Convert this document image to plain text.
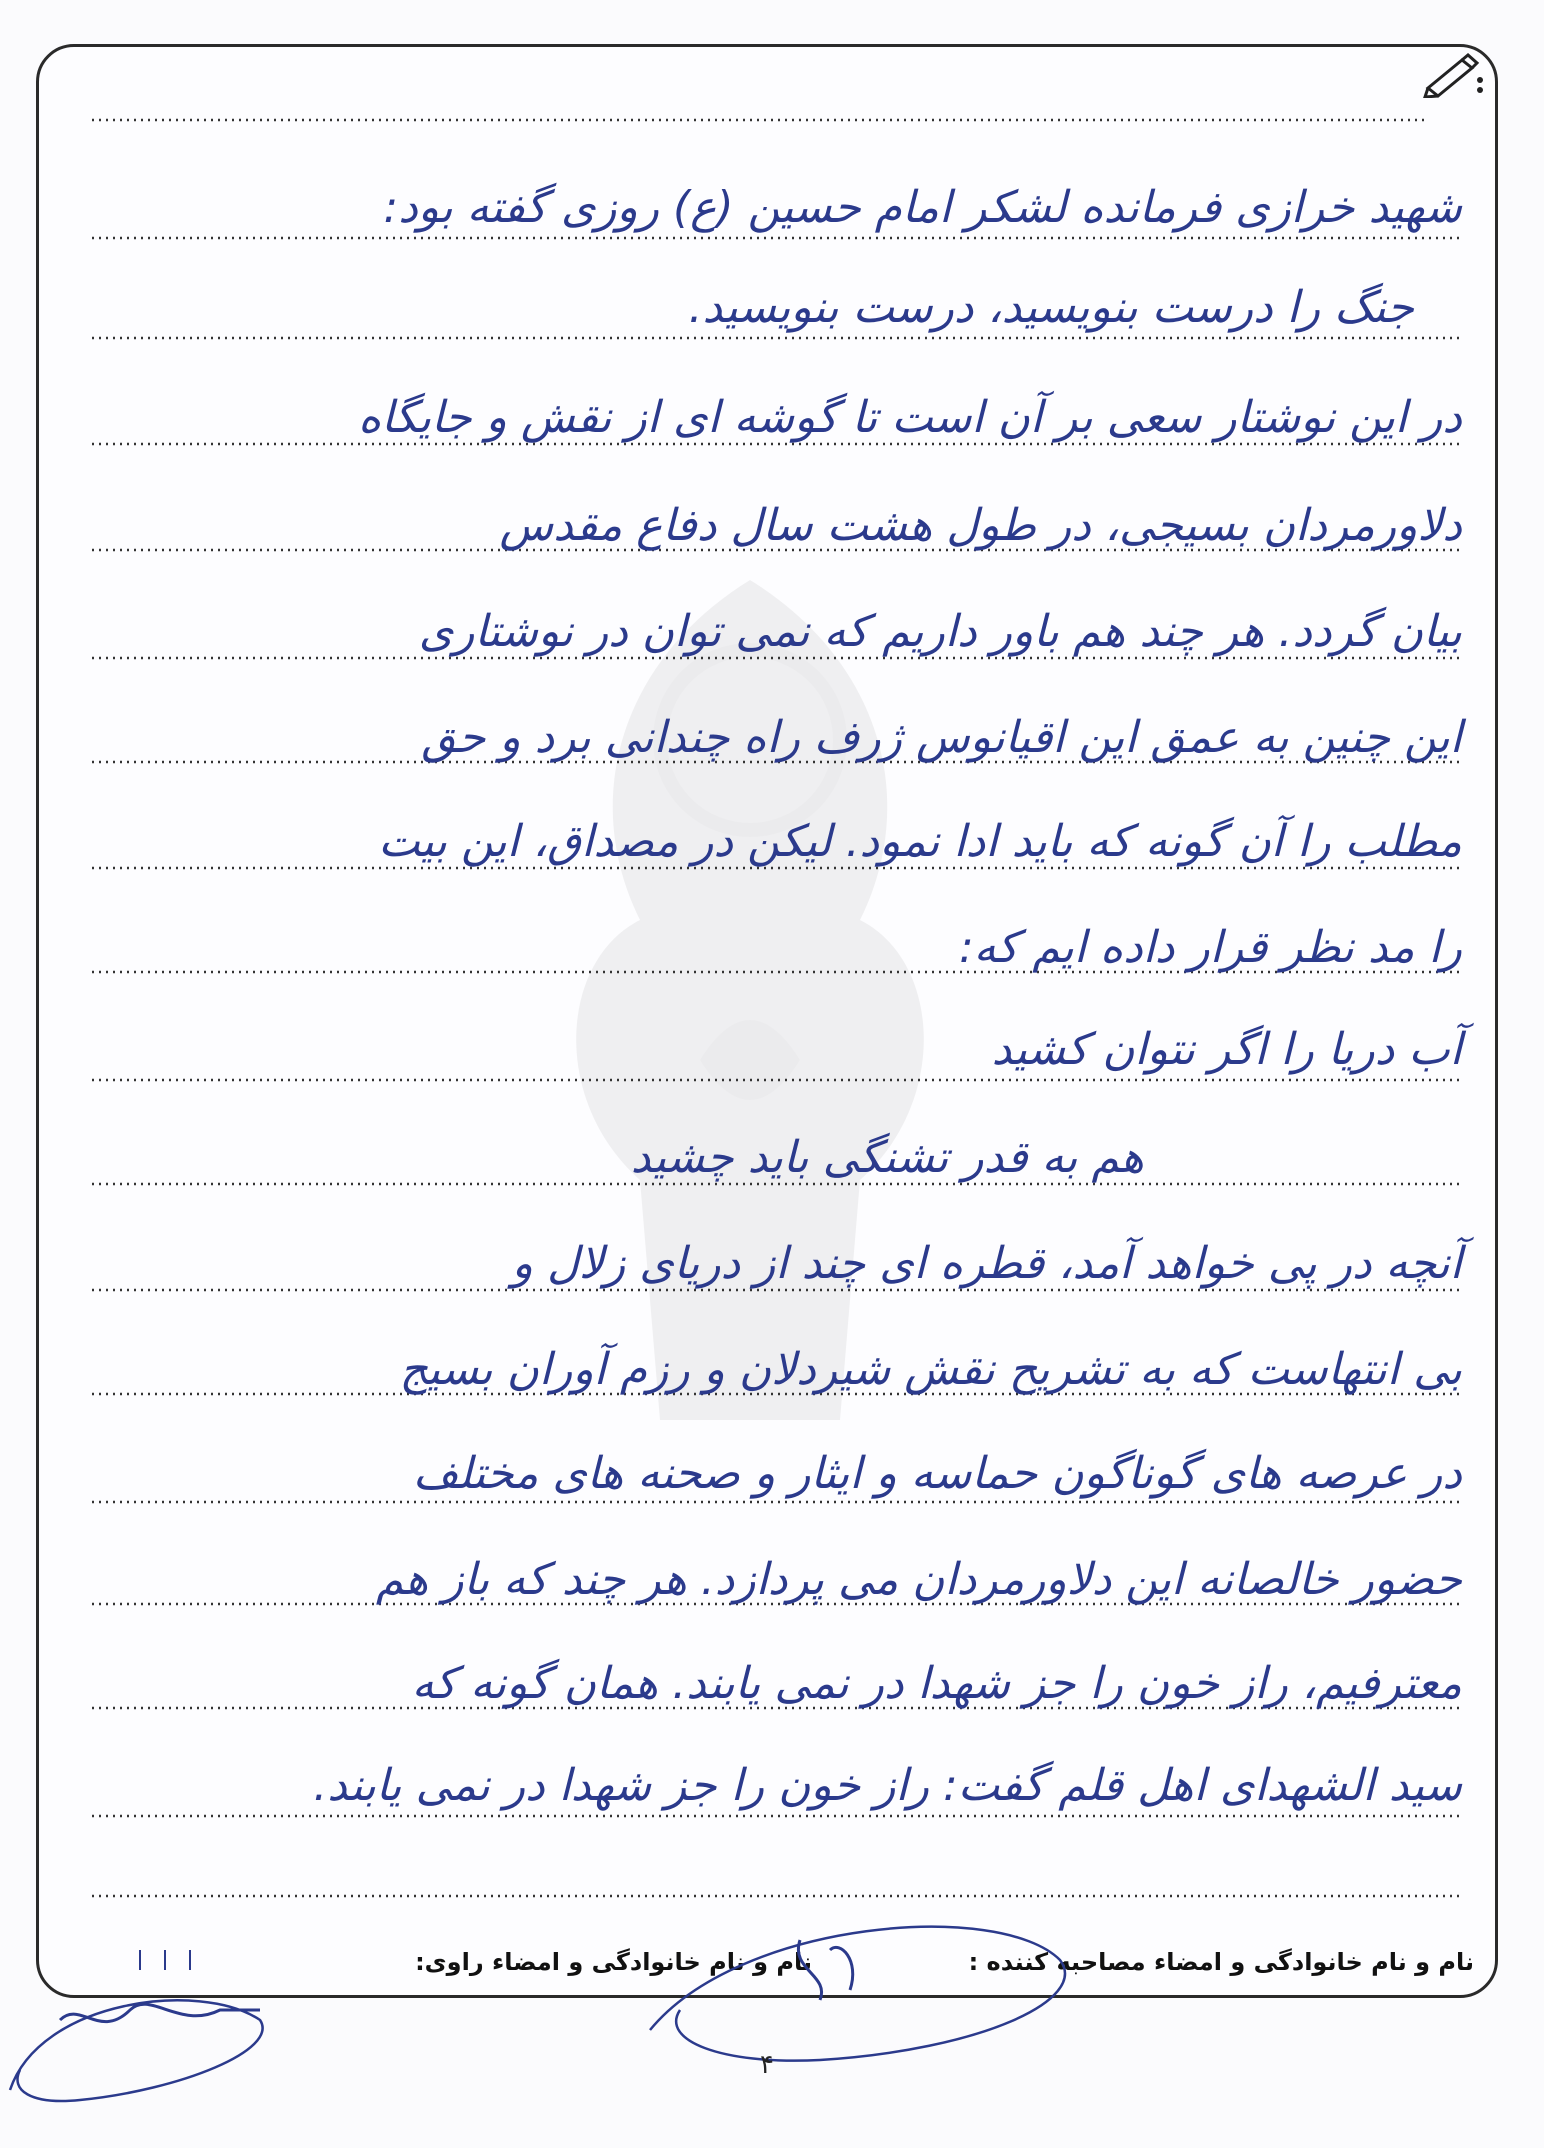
شهید خرازی فرمانده لشکر امام حسین (ع) روزی گفته بود:
جنگ را درست بنویسید، درست بنویسید.
در این نوشتار سعی بر آن است تا گوشه ای از نقش و جایگاه
دلاورمردان بسیجی، در طول هشت سال دفاع مقدس
بیان گردد. هر چند هم باور داریم که نمی توان در نوشتاری
این چنین به عمق این اقیانوس ژرف راه چندانی برد و حق
مطلب را آن گونه که باید ادا نمود. لیکن در مصداق، این بیت
را مد نظر قرار داده ایم که:
آب دریا را اگر نتوان کشید
هم به قدر تشنگی باید چشید
آنچه در پی خواهد آمد، قطره ای چند از دریای زلال و
بی انتهاست که به تشریح نقش شیردلان و رزم آوران بسیج
در عرصه های گوناگون حماسه و ایثار و صحنه های مختلف
حضور خالصانه این دلاورمردان می پردازد. هر چند که باز هم
معترفیم، راز خون را جز شهدا در نمی یابند. همان گونه که
سید الشهدای اهل قلم گفت: راز خون را جز شهدا در نمی یابند.
نام و نام خانوادگی و امضاء مصاحبه کننده :
نام و نام خانوادگی و امضاء راوی:
۴
